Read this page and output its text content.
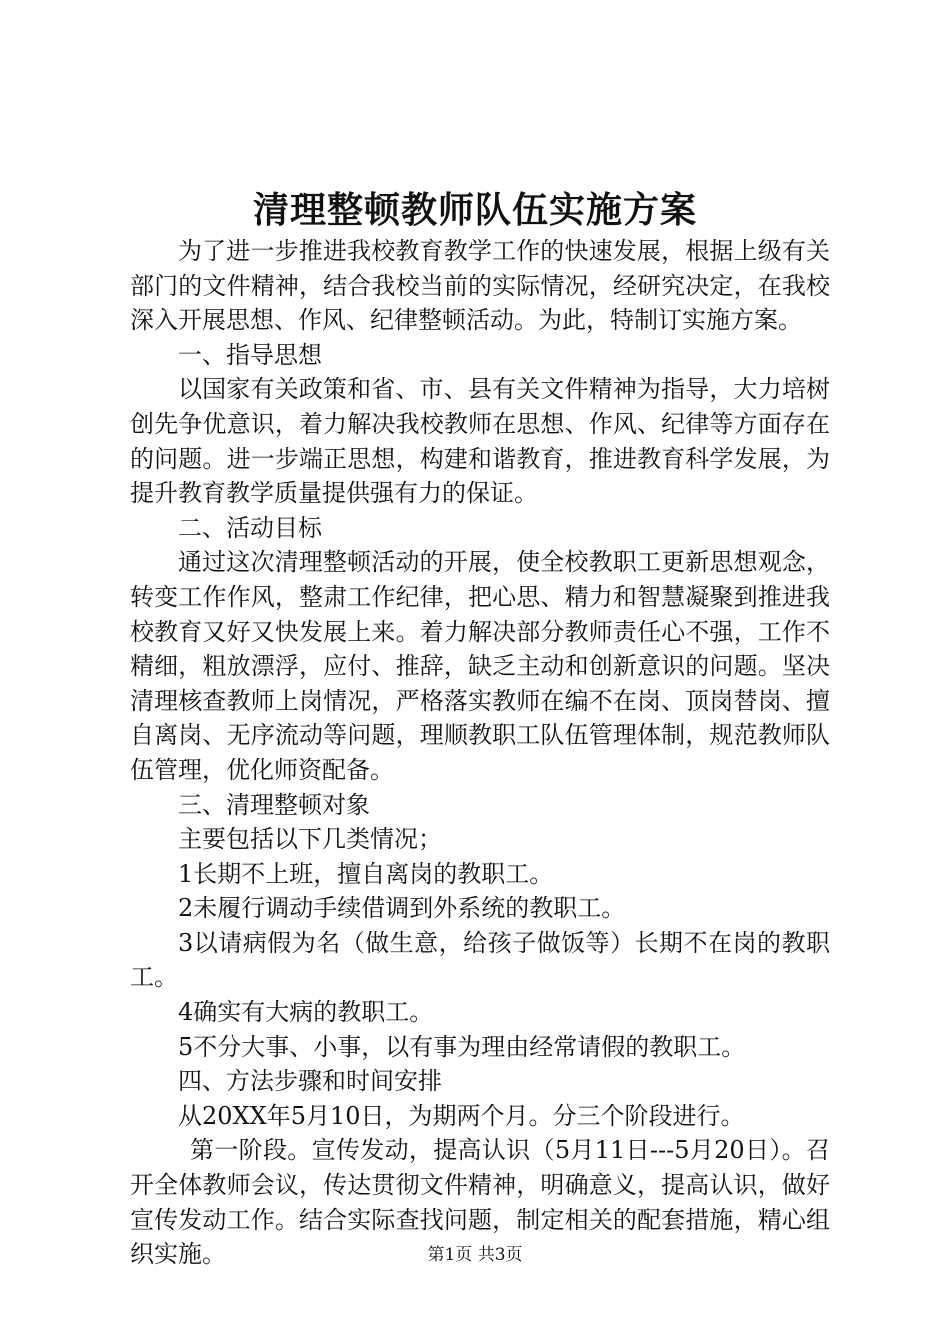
清理整顿教师队伍实施方案

为了进一步推进我校教育教学工作的快速发展，根据上级有关部门的文件精神，结合我校当前的实际情况，经研究决定，在我校深入开展思想、作风、纪律整顿活动。为此，特制订实施方案。

一、指导思想

以国家有关政策和省、市、县有关文件精神为指导，大力培树创先争优意识，着力解决我校教师在思想、作风、纪律等方面存在的问题。进一步端正思想，构建和谐教育，推进教育科学发展，为提升教育教学质量提供强有力的保证。

二、活动目标

通过这次清理整顿活动的开展，使全校教职工更新思想观念，转变工作作风，整肃工作纪律，把心思、精力和智慧凝聚到推进我校教育又好又快发展上来。着力解决部分教师责任心不强，工作不精细，粗放漂浮，应付、推辞，缺乏主动和创新意识的问题。坚决清理核查教师上岗情况，严格落实教师在编不在岗、顶岗替岗、擅自离岗、无序流动等问题，理顺教职工队伍管理体制，规范教师队伍管理，优化师资配备。

三、清理整顿对象

主要包括以下几类情况；

1长期不上班，擅自离岗的教职工。

2未履行调动手续借调到外系统的教职工。

3以请病假为名（做生意，给孩子做饭等）长期不在岗的教职工。

4确实有大病的教职工。

5不分大事、小事，以有事为理由经常请假的教职工。

四、方法步骤和时间安排

从20XX年5月10日，为期两个月。分三个阶段进行。

第一阶段。宣传发动，提高认识（5月11日---5月20日）。召开全体教师会议，传达贯彻文件精神，明确意义，提高认识，做好宣传发动工作。结合实际查找问题，制定相关的配套措施，精心组织实施。	第1页 共3页
